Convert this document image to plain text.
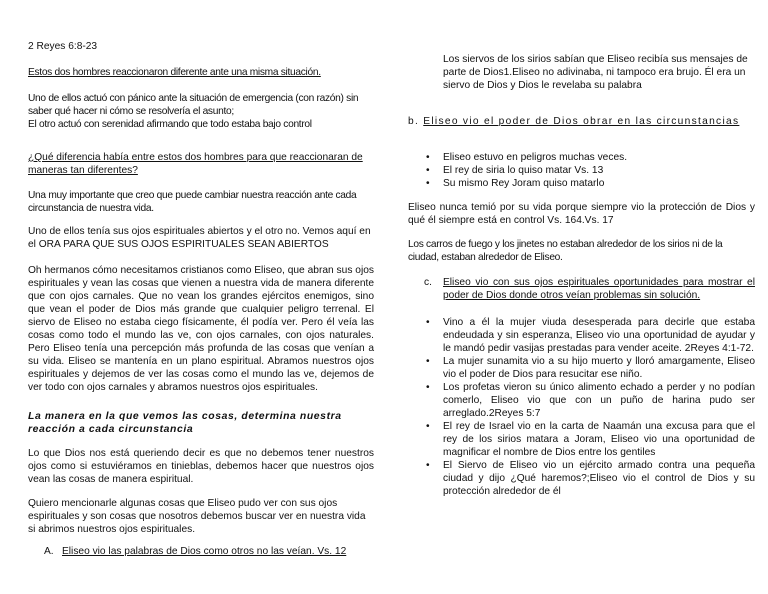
2 Reyes 6:8-23

Estos dos hombres reaccionaron diferente ante una misma situación.

Uno de ellos actuó con pánico ante la situación de emergencia (con razón) sin saber qué hacer ni cómo se resolvería el asunto;

El otro actuó con serenidad afirmando que todo estaba bajo control

¿Qué diferencia había entre estos dos hombres para que reaccionaran de maneras tan diferentes?

Una muy importante que creo que puede cambiar nuestra reacción ante cada circunstancia de nuestra vida.

Uno de ellos tenía sus ojos espirituales abiertos y el otro no. Vemos aquí en el ORA PARA QUE SUS OJOS ESPIRITUALES SEAN ABIERTOS

Oh hermanos cómo necesitamos cristianos como Eliseo, que abran sus ojos espirituales y vean las cosas que vienen a nuestra vida de manera diferente que con ojos carnales. Que no vean los grandes ejércitos enemigos, sino que vean el poder de Dios más grande que cualquier peligro terrenal. El siervo de Eliseo no estaba ciego físicamente, él podía ver. Pero él veía las cosas como todo el mundo las ve, con ojos carnales, con ojos naturales. Pero Eliseo tenía una percepción más profunda de las cosas que venían a su vida. Eliseo se mantenía en un plano espiritual. Abramos nuestros ojos espirituales y dejemos de ver las cosas como el mundo las ve, dejemos de ver todo con ojos carnales y abramos nuestros ojos espirituales.

La manera en la que vemos las cosas, determina nuestra reacción a cada circunstancia

Lo que Dios nos está queriendo decir es que no debemos tener nuestros ojos como si estuviéramos en tinieblas, debemos hacer que nuestros ojos vean las cosas de manera espiritual.

Quiero mencionarle algunas cosas que Eliseo pudo ver con sus ojos espirituales y son cosas que nosotros debemos buscar ver en nuestra vida si abrimos nuestros ojos espirituales.

A. Eliseo vio las palabras de Dios como otros no las veían. Vs. 12

Los siervos de los sirios sabían que Eliseo recibía sus mensajes de parte de Dios1.Eliseo no adivinaba, ni tampoco era brujo. Él era un siervo de Dios y Dios le revelaba su palabra

b. Eliseo vio el poder de Dios obrar en las circunstancias
• Eliseo estuvo en peligros muchas veces.
• El rey de siria lo quiso matar Vs. 13
• Su mismo Rey Joram quiso matarlo

Eliseo nunca temió por su vida porque siempre vio la protección de Dios y qué él siempre está en control Vs. 164.Vs. 17

Los carros de fuego y los jinetes no estaban alrededor de los sirios ni de la ciudad, estaban alrededor de Eliseo.

c.	Eliseo vio con sus ojos espirituales oportunidades para mostrar el poder de Dios donde otros veían problemas sin solución.
• Vino a él la mujer viuda desesperada para decirle que estaba endeudada y sin esperanza, Eliseo vio una oportunidad de ayudar y le mandó pedir vasijas prestadas para vender aceite. 2Reyes 4:1-72.
• La mujer sunamita vio a su hijo muerto y lloró amargamente, Eliseo vio el poder de Dios para resucitar ese niño.
• Los profetas vieron su único alimento echado a perder y no podían comerlo, Eliseo vio que con un puño de harina pudo ser arreglado.2Reyes 5:7
• El rey de Israel vio en la carta de Naamán una excusa para que el rey de los sirios matara a Joram, Eliseo vio una oportunidad de magnificar el nombre de Dios entre los gentiles
• El Siervo de Eliseo vio un ejército armado contra una pequeña ciudad y dijo ¿Qué haremos?;Eliseo vio el control de Dios y su protección alrededor de él
